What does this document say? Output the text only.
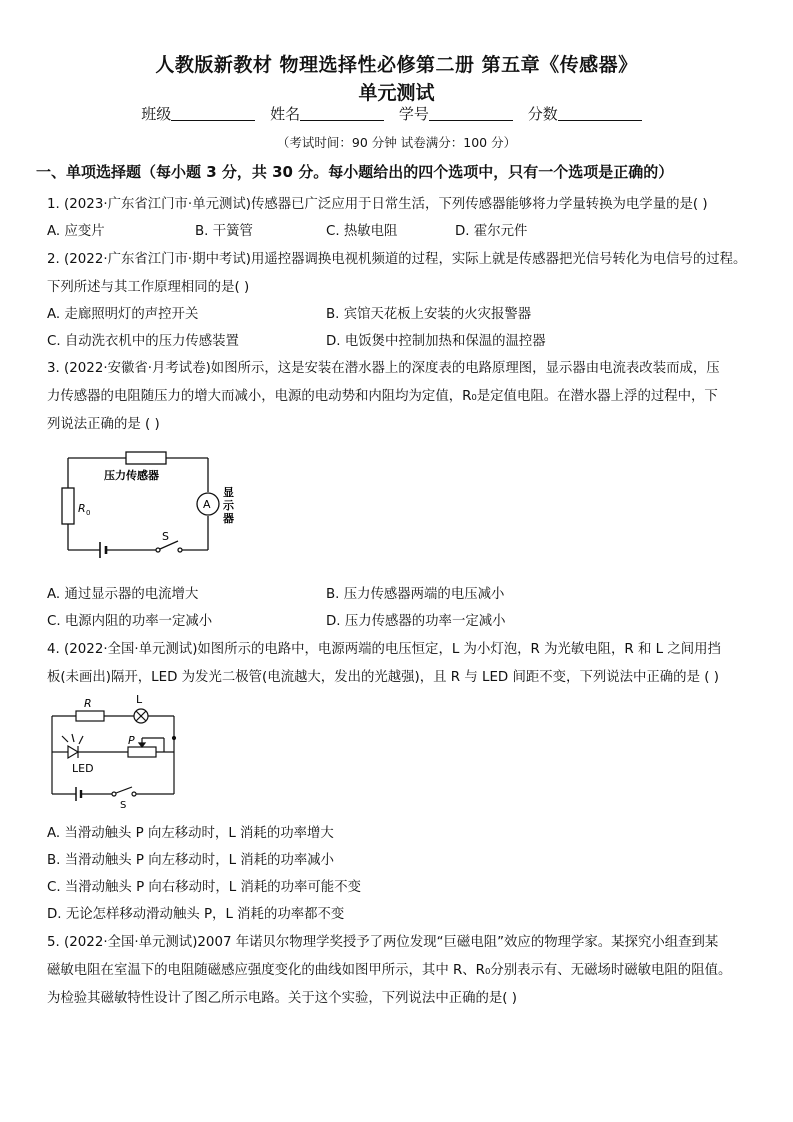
人教版新教材 物理选择性必修第二册 第五章《传感器》
单元测试
班级	姓名	学号	分数
（考试时间：90 分钟 试卷满分：100 分）
一、单项选择题（每小题 3 分，共 30 分。每小题给出的四个选项中，只有一个选项是正确的）
1. (2023·广东省江门市·单元测试)传感器已广泛应用于日常生活，下列传感器能够将力学量转换为电学量的是( )
A. 应变片	B. 干簧管	C. 热敏电阻	D. 霍尔元件
2. (2022·广东省江门市·期中考试)用遥控器调换电视机频道的过程，实际上就是传感器把光信号转化为电信号的过程。
下列所述与其工作原理相同的是( )
A. 走廊照明灯的声控开关	B. 宾馆天花板上安装的火灾报警器
C. 自动洗衣机中的压力传感装置	D. 电饭煲中控制加热和保温的温控器
3. (2022·安徽省·月考试卷)如图所示，这是安装在潜水器上的深度表的电路原理图，显示器由电流表改装而成，压
力传感器的电阻随压力的增大而减小，电源的电动势和内阻均为定值，R₀是定值电阻。在潜水器上浮的过程中，下
列说法正确的是 ( )
压力传感器
R 0
A
显
示
器
S
A. 通过显示器的电流增大	B. 压力传感器两端的电压减小
C. 电源内阻的功率一定减小	D. 压力传感器的功率一定减小
4. (2022·全国·单元测试)如图所示的电路中，电源两端的电压恒定，L 为小灯泡，R 为光敏电阻，R 和 L 之间用挡
板(未画出)隔开，LED 为发光二极管(电流越大，发出的光越强)，且 R 与 LED 间距不变，下列说法中正确的是 ( )
R	L
P
LED
S
A. 当滑动触头 P 向左移动时，L 消耗的功率增大
B. 当滑动触头 P 向左移动时，L 消耗的功率减小
C. 当滑动触头 P 向右移动时，L 消耗的功率可能不变
D. 无论怎样移动滑动触头 P，L 消耗的功率都不变
5. (2022·全国·单元测试)2007 年诺贝尔物理学奖授予了两位发现“巨磁电阻”效应的物理学家。某探究小组查到某
磁敏电阻在室温下的电阻随磁感应强度变化的曲线如图甲所示，其中 R、R₀分别表示有、无磁场时磁敏电阻的阻值。
为检验其磁敏特性设计了图乙所示电路。关于这个实验，下列说法中正确的是( )
